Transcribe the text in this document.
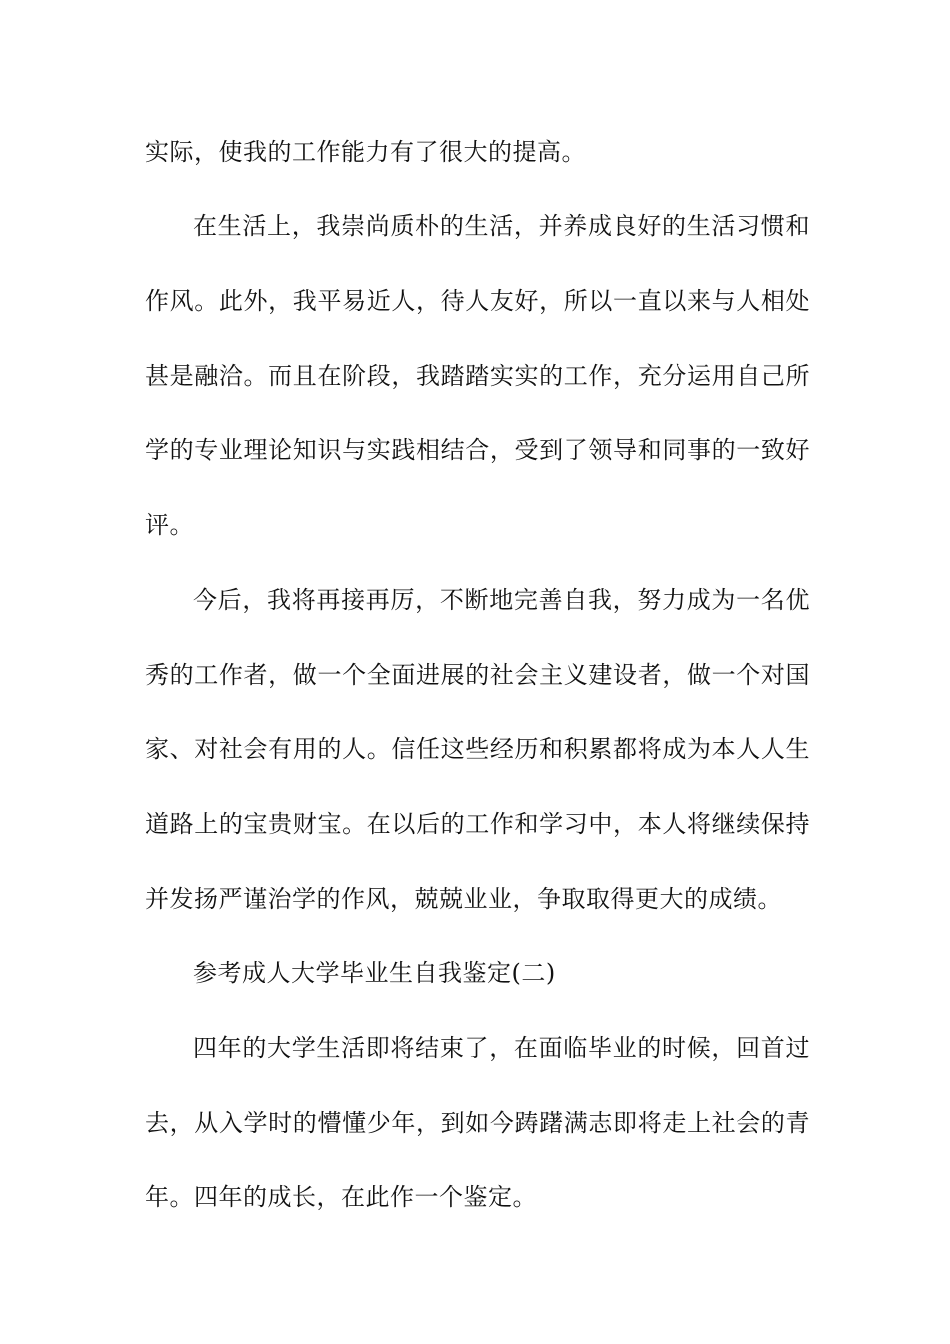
实际，使我的工作能力有了很大的提高。
在生活上，我崇尚质朴的生活，并养成良好的生活习惯和
作风。此外，我平易近人，待人友好，所以一直以来与人相处
甚是融洽。而且在阶段，我踏踏实实的工作，充分运用自己所
学的专业理论知识与实践相结合，受到了领导和同事的一致好
评。
今后，我将再接再厉，不断地完善自我，努力成为一名优
秀的工作者，做一个全面进展的社会主义建设者，做一个对国
家、对社会有用的人。信任这些经历和积累都将成为本人人生
道路上的宝贵财宝。在以后的工作和学习中，本人将继续保持
并发扬严谨治学的作风，兢兢业业，争取取得更大的成绩。
参考成人大学毕业生自我鉴定(二)
四年的大学生活即将结束了，在面临毕业的时候，回首过
去，从入学时的懵懂少年，到如今踌躇满志即将走上社会的青
年。四年的成长，在此作一个鉴定。
